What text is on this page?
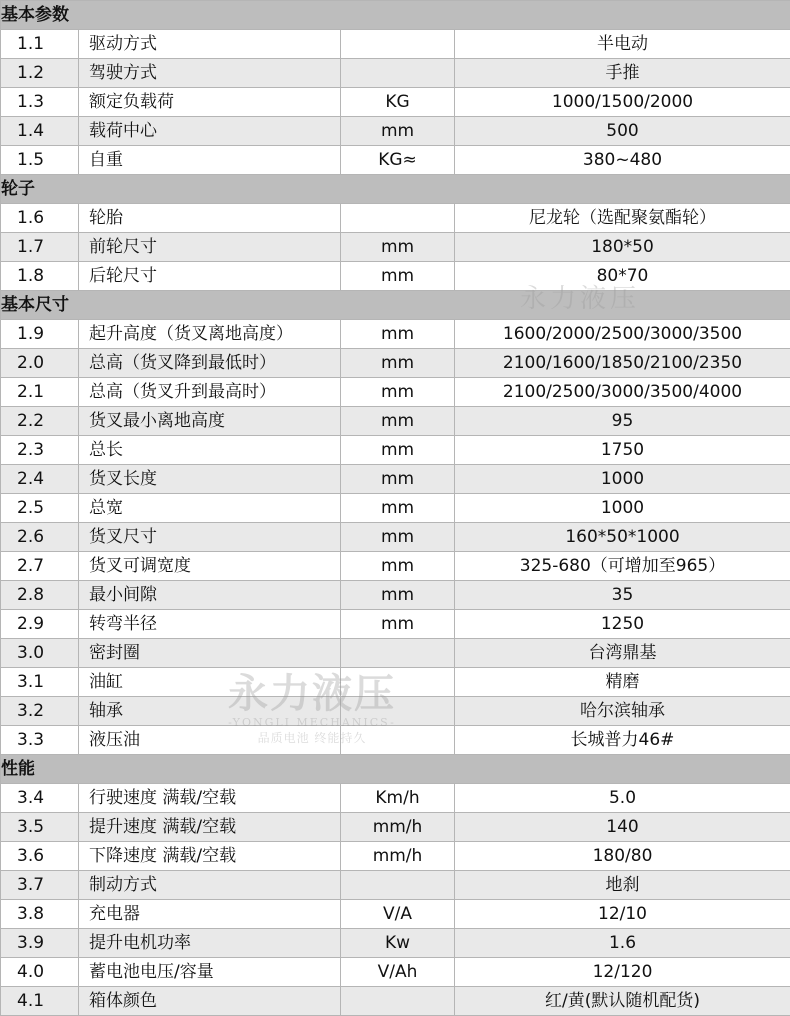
基本参数			
1.1	驱动方式		半电动
1.2	驾驶方式		手推
1.3	额定负载荷	KG	1000/1500/2000
1.4	载荷中心	mm	500
1.5	自重	KG≈	380~480
轮子			
1.6	轮胎		尼龙轮（选配聚氨酯轮）
1.7	前轮尺寸	mm	180*50
1.8	后轮尺寸	mm	80*70
基本尺寸			
1.9	起升高度（货叉离地高度）	mm	1600/2000/2500/3000/3500
2.0	总高（货叉降到最低时）	mm	2100/1600/1850/2100/2350
2.1	总高（货叉升到最高时）	mm	2100/2500/3000/3500/4000
2.2	货叉最小离地高度	mm	95
2.3	总长	mm	1750
2.4	货叉长度	mm	1000
2.5	总宽	mm	1000
2.6	货叉尺寸	mm	160*50*1000
2.7	货叉可调宽度	mm	325-680（可增加至965）
2.8	最小间隙	mm	35
2.9	转弯半径	mm	1250
3.0	密封圈		台湾鼎基
3.1	油缸		精磨
3.2	轴承		哈尔滨轴承
3.3	液压油		长城普力46#
性能			
3.4	行驶速度 满载/空载	Km/h	5.0
3.5	提升速度 满载/空载	mm/h	140
3.6	下降速度 满载/空载	mm/h	180/80
3.7	制动方式		地刹
3.8	充电器	V/A	12/10
3.9	提升电机功率	Kw	1.6
4.0	蓄电池电压/容量	V/Ah	12/120
4.1	箱体颜色		红/黄(默认随机配货)
永力液压
永力液压
-YONGLI MECHANICS-
品质电池 终能持久
